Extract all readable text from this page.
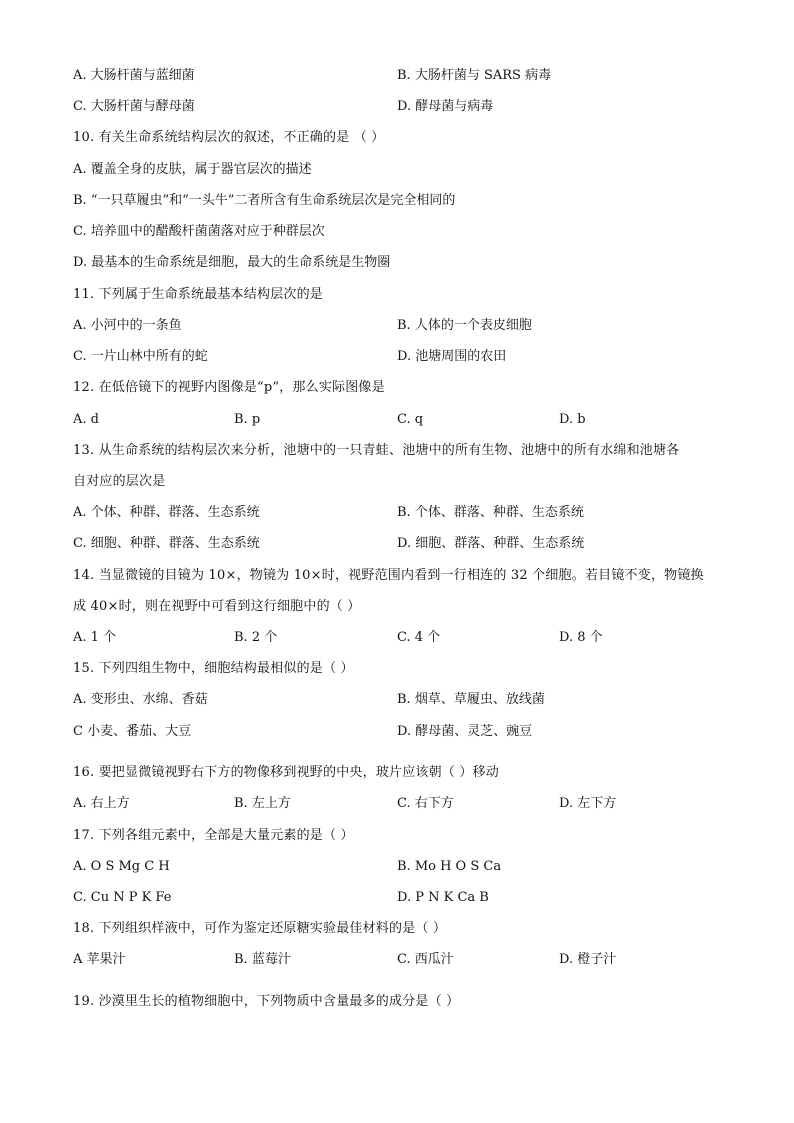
A. 大肠杆菌与蓝细菌	B. 大肠杆菌与 SARS 病毒
C. 大肠杆菌与酵母菌	D. 酵母菌与病毒
10. 有关生命系统结构层次的叙述，不正确的是 （ ）
A. 覆盖全身的皮肤，属于器官层次的描述
B. “一只草履虫”和“一头牛”二者所含有生命系统层次是完全相同的
C. 培养皿中的醋酸杆菌菌落对应于种群层次
D. 最基本的生命系统是细胞，最大的生命系统是生物圈
11. 下列属于生命系统最基本结构层次的是
A. 小河中的一条鱼	B. 人体的一个表皮细胞
C. 一片山林中所有的蛇	D. 池塘周围的农田
12. 在低倍镜下的视野内图像是“p”，那么实际图像是
A. d	B. p	C. q	D. b
13. 从生命系统的结构层次来分析，池塘中的一只青蛙、池塘中的所有生物、池塘中的所有水绵和池塘各
自对应的层次是
A. 个体、种群、群落、生态系统	B. 个体、群落、种群、生态系统
C. 细胞、种群、群落、生态系统	D. 细胞、群落、种群、生态系统
14. 当显微镜的目镜为 10×，物镜为 10×时，视野范围内看到一行相连的 32 个细胞。若目镜不变，物镜换
成 40×时，则在视野中可看到这行细胞中的（ ）
A. 1 个	B. 2 个	C. 4 个	D. 8 个
15. 下列四组生物中，细胞结构最相似的是（ ）
A. 变形虫、水绵、香菇	B. 烟草、草履虫、放线菌
C 小麦、番茄、大豆	D. 酵母菌、灵芝、豌豆
16. 要把显微镜视野右下方的物像移到视野的中央，玻片应该朝（ ）移动
A. 右上方	B. 左上方	C. 右下方	D. 左下方
17. 下列各组元素中，全部是大量元素的是（ ）
A. O S Mg C H	B. Mo H O S Ca
C. Cu N P K Fe	D. P N K Ca B
18. 下列组织样液中，可作为鉴定还原糖实验最佳材料的是（ ）
A 苹果汁	B. 蓝莓汁	C. 西瓜汁	D. 橙子汁
19. 沙漠里生长的植物细胞中，下列物质中含量最多的成分是（ ）
